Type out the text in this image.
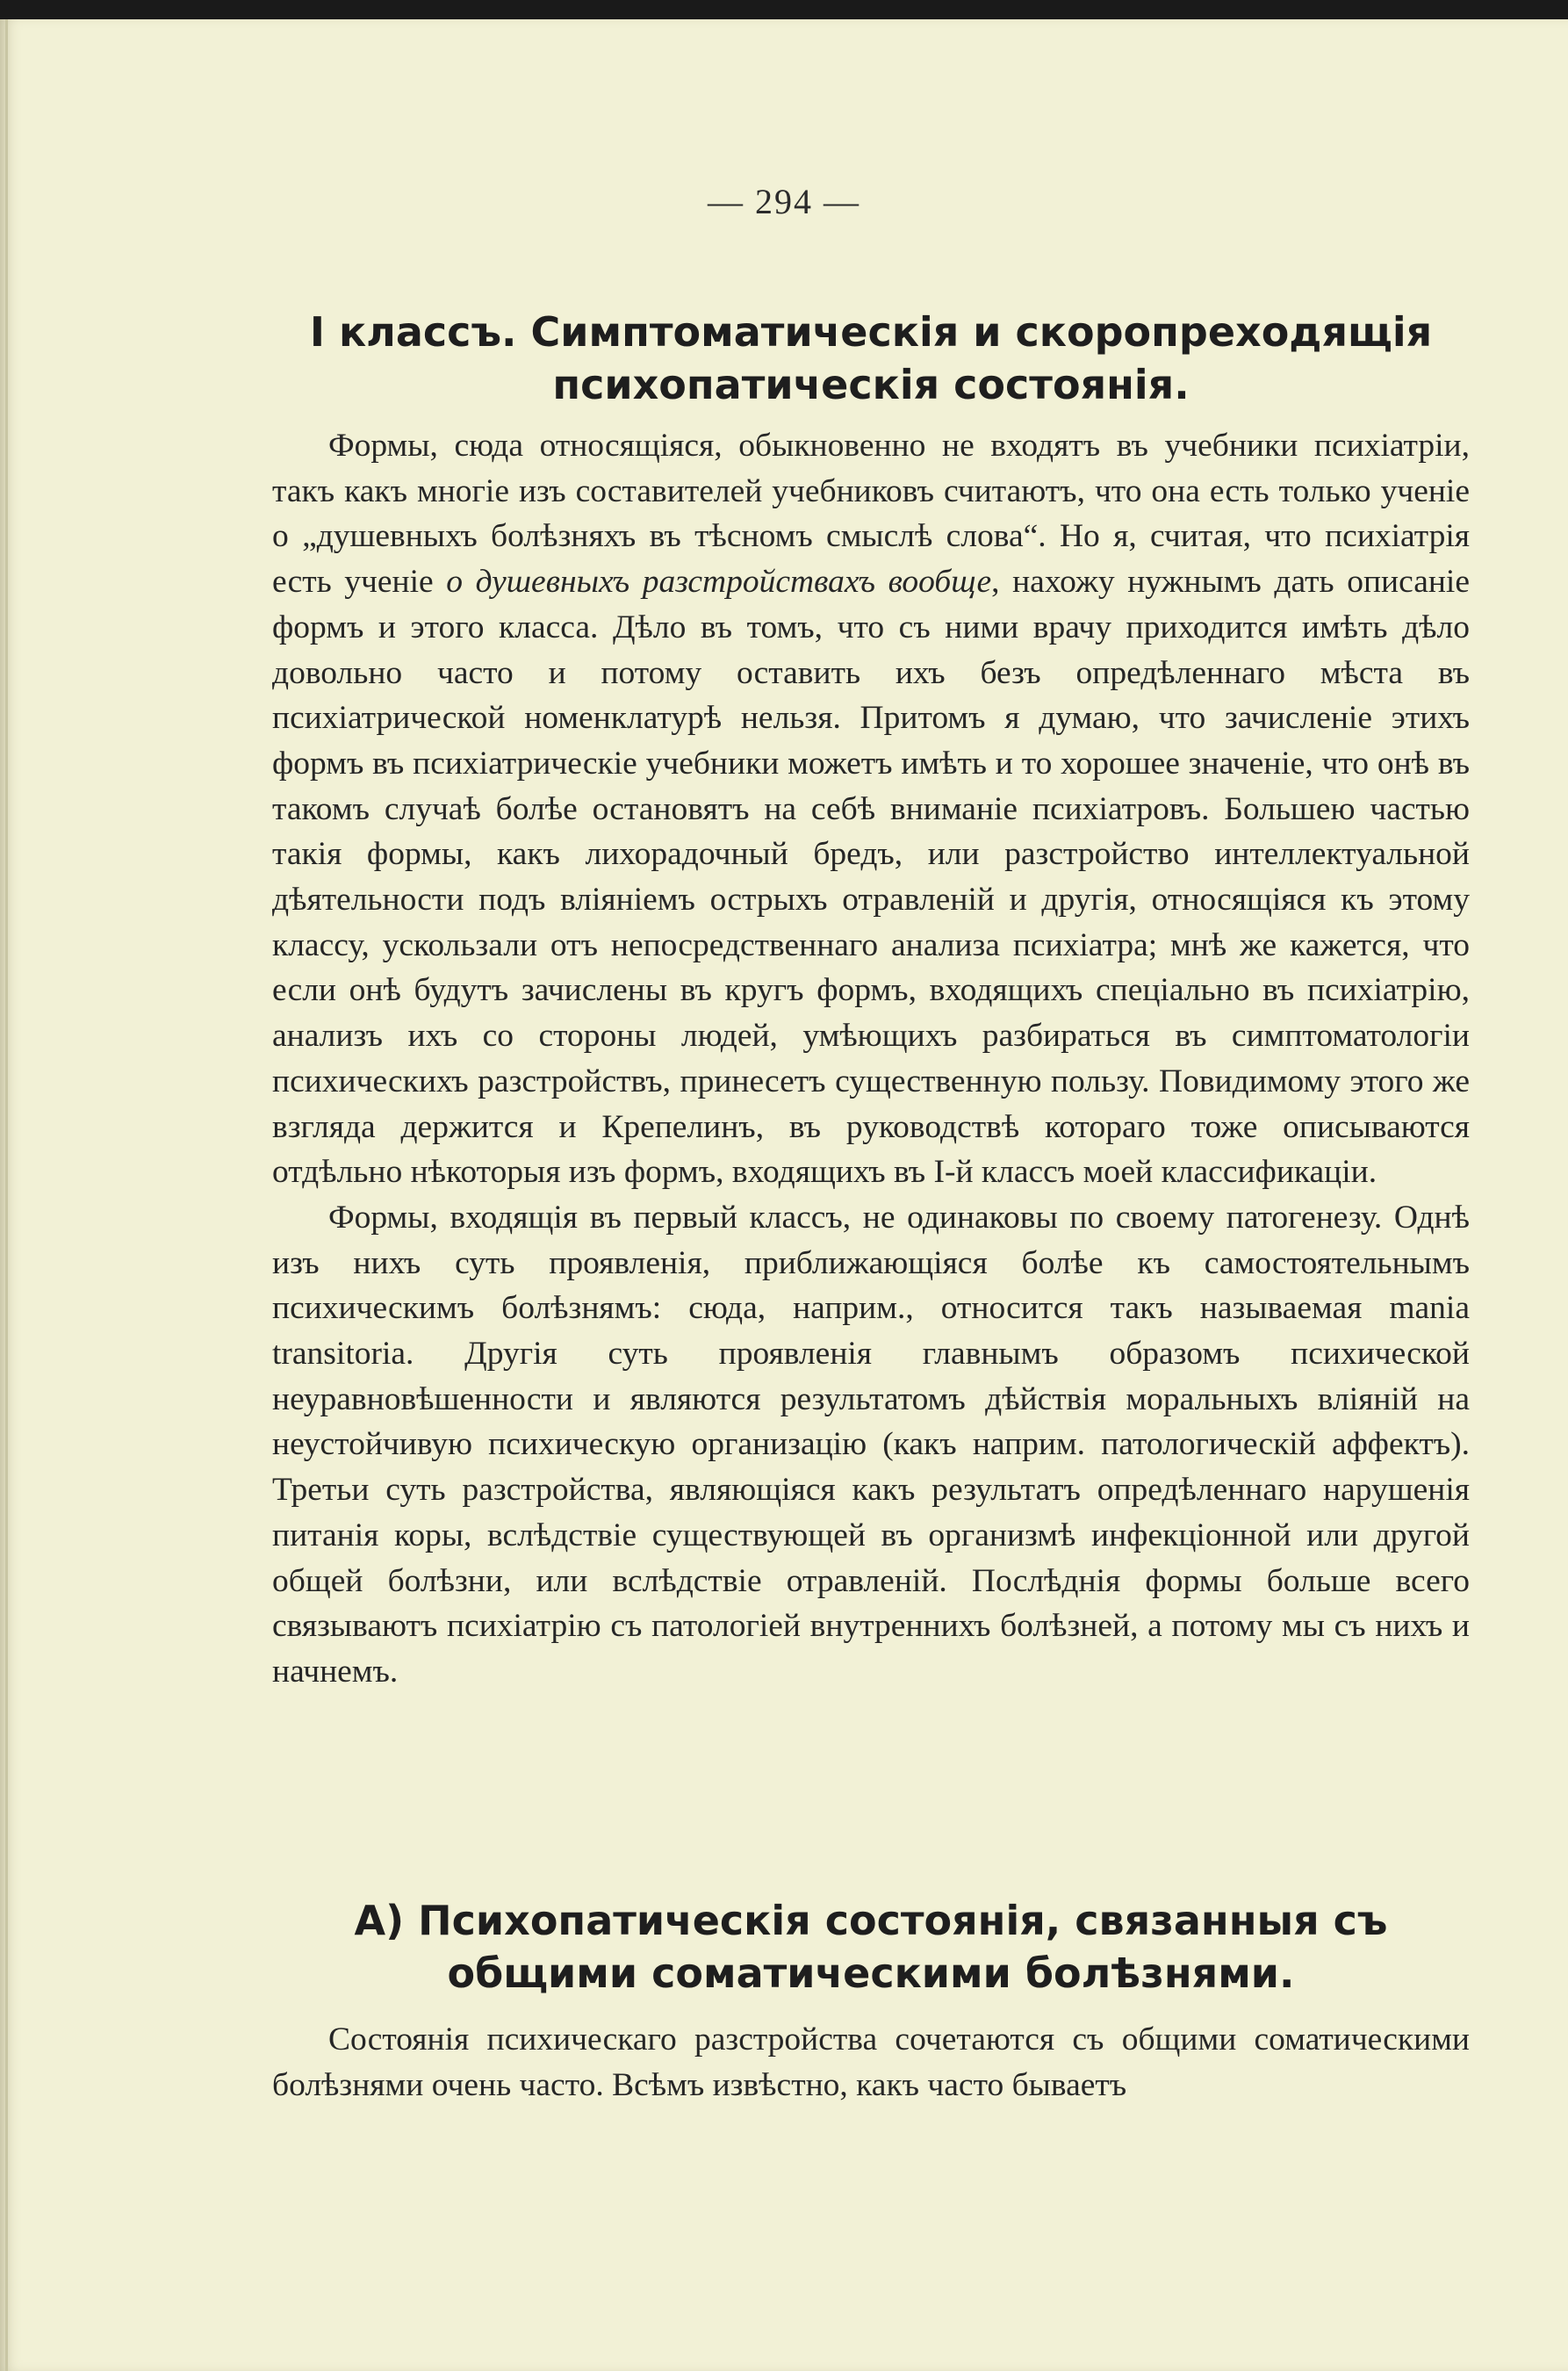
— 294 —
I классъ. Симптоматическія и скоропреходящія психопатическія состоянія.

Формы, сюда относящіяся, обыкновенно не входятъ въ учебники психіатріи, такъ какъ многіе изъ составителей учебниковъ считаютъ, что она есть только ученіе о „душевныхъ болѣзняхъ въ тѣсномъ смыслѣ слова“. Но я, считая, что психіатрія есть ученіе о душевныхъ разстройствахъ вообще, нахожу нужнымъ дать описаніе формъ и этого класса. Дѣло въ томъ, что съ ними врачу приходится имѣть дѣло довольно часто и потому оставить ихъ безъ опредѣленнаго мѣста въ психіатрической номенклатурѣ нельзя. Притомъ я думаю, что зачисленіе этихъ формъ въ психіатрическіе учебники можетъ имѣть и то хорошее значеніе, что онѣ въ такомъ случаѣ болѣе остановятъ на себѣ вниманіе психіатровъ. Большею частью такія формы, какъ лихорадочный бредъ, или разстройство интеллектуальной дѣятельности подъ вліяніемъ острыхъ отравленій и другія, относящіяся къ этому классу, ускользали отъ непосредственнаго анализа психіатра; мнѣ же кажется, что если онѣ будутъ зачислены въ кругъ формъ, входящихъ спеціально въ психіатрію, анализъ ихъ со стороны людей, умѣющихъ разбираться въ симптоматологіи психическихъ разстройствъ, принесетъ существенную пользу. Повидимому этого же взгляда держится и Крепелинъ, въ руководствѣ котораго тоже описываются отдѣльно нѣкоторыя изъ формъ, входящихъ въ I-й классъ моей классификаціи.

Формы, входящія въ первый классъ, не одинаковы по своему патогенезу. Однѣ изъ нихъ суть проявленія, приближающіяся болѣе къ самостоятельнымъ психическимъ болѣзнямъ: сюда, наприм., относится такъ называемая mania transitoria. Другія суть проявленія главнымъ образомъ психической неуравновѣшенности и являются результатомъ дѣйствія моральныхъ вліяній на неустойчивую психическую организацію (какъ наприм. патологическій аффектъ). Третьи суть разстройства, являющіяся какъ результатъ опредѣленнаго нарушенія питанія коры, вслѣдствіе существующей въ организмѣ инфекціонной или другой общей болѣзни, или вслѣдствіе отравленій. Послѣднія формы больше всего связываютъ психіатрію съ патологіей внутреннихъ болѣзней, а потому мы съ нихъ и начнемъ.

А) Психопатическія состоянія, связанныя съ общими соматическими болѣзнями.

Состоянія психическаго разстройства сочетаются съ общими соматическими болѣзнями очень часто. Всѣмъ извѣстно, какъ часто бываетъ
